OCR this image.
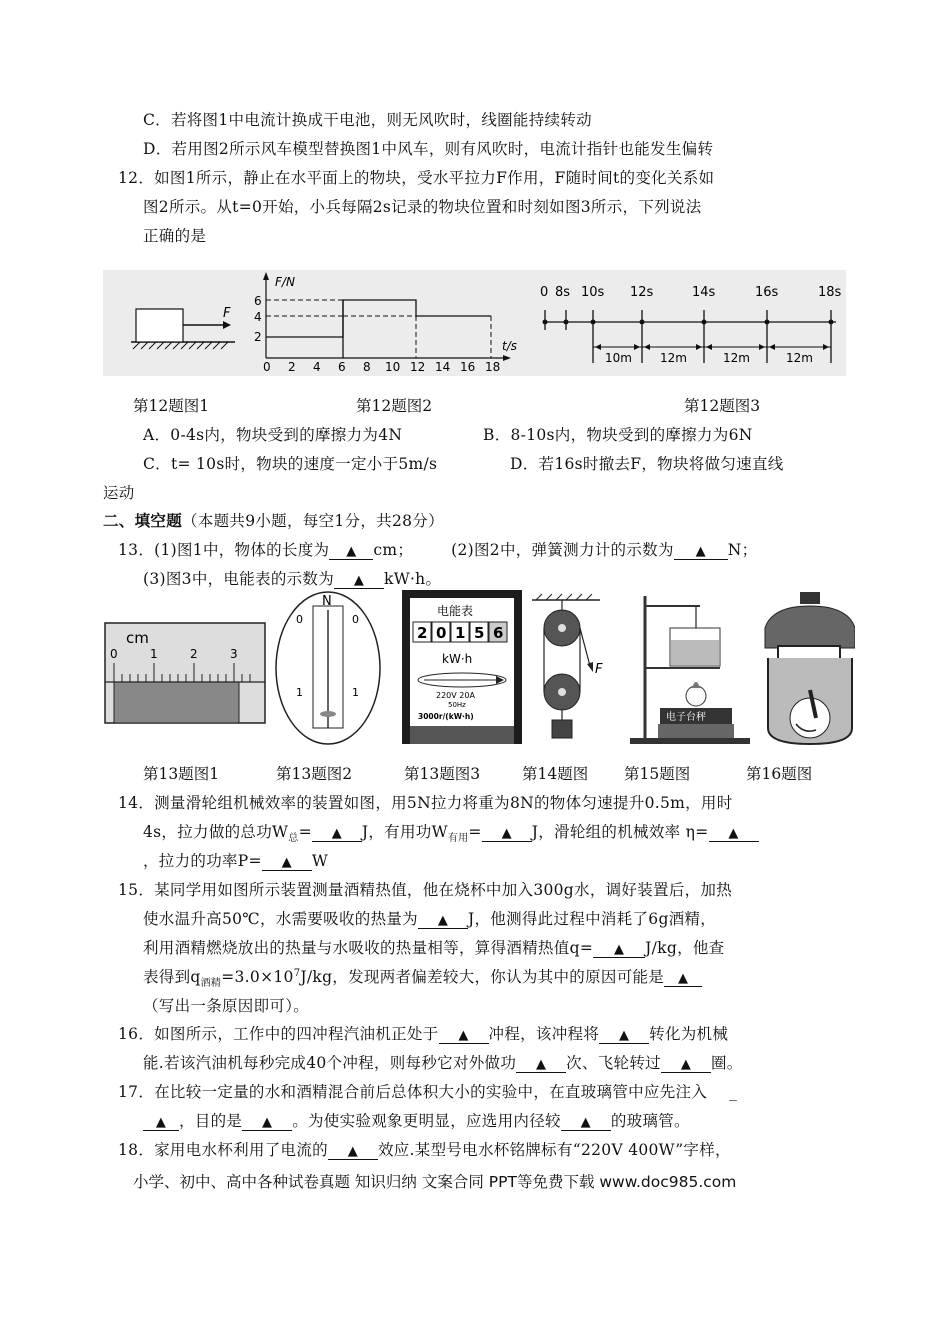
C．若将图1中电流计换成干电池，则无风吹时，线圈能持续转动
D．若用图2所示风车模型替换图1中风车，则有风吹时，电流计指针也能发生偏转
12．如图1所示，静止在水平面上的物块，受水平拉力F作用，F随时间t的变化关系如
图2所示。从t=0开始，小兵每隔2s记录的物块位置和时刻如图3所示，下列说法
正确的是
F
F/N
t/s
6
4
2
0 2 4 6 8 10 12 14 16 18
0 8s 10s 12s	14s	16s	18s
10m 12m	12m	12m
第12题图1	第12题图2	第12题图3
A．0-4s内，物块受到的摩擦力为4N	B．8-10s内，物块受到的摩擦力为6N
C．t= 10s时，物块的速度一定小于5m/s	D．若16s时撤去F，物块将做匀速直线
运动
二、填空题（本题共9小题，每空1分，共28分）
13．(1)图1中，物体的长度为 ▲ cm； (2)图2中，弹簧测力计的示数为 ▲ N；
(3)图3中，电能表的示数为 ▲ kW·h。
cm
0	1	2	3
N
0
1
0
1
电能表
2 0 1 5 6
kW·h
220V 20A
50Hz
3000r/(kW·h)
F
电子台秤
第13题图1	第13题图2	第13题图3	第14题图 第15题图	第16题图
14．测量滑轮组机械效率的装置如图，用5N拉力将重为8N的物体匀速提升0.5m，用时
4s，拉力做的总功$W_总=$ ▲ J，有用功$W_{有用}=$ ▲ J，滑轮组的机械效率 η= ▲
，拉力的功率P= ▲ W
15．某同学用如图所示装置测量酒精热值，他在烧杯中加入300g水，调好装置后，加热
使水温升高50℃，水需要吸收的热量为 ▲ J，他测得此过程中消耗了6g酒精，
利用酒精燃烧放出的热量与水吸收的热量相等，算得酒精热值q= ▲ J/kg，他查
表得到$q_{酒精}=3.0\times 10^7J/kg$，发现两者偏差较大，你认为其中的原因可能是 ▲
（写出一条原因即可）。
16．如图所示，工作中的四冲程汽油机正处于 ▲ 冲程，该冲程将 ▲ 转化为机械
能.若该汽油机每秒完成40个冲程，则每秒它对外做功 ▲ 次、飞轮转过 ▲ 圈。
17．在比较一定量的水和酒精混合前后总体积大小的实验中，在直玻璃管中应先注入 _
▲ ，目的是 ▲ 。为使实验观象更明显，应选用内径较 ▲ 的玻璃管。
18．家用电水杯利用了电流的 ▲ 效应.某型号电水杯铭牌标有“220V 400W”字样，
小学、初中、高中各种试卷真题 知识归纳 文案合同 PPT等免费下载 www.doc985.com
